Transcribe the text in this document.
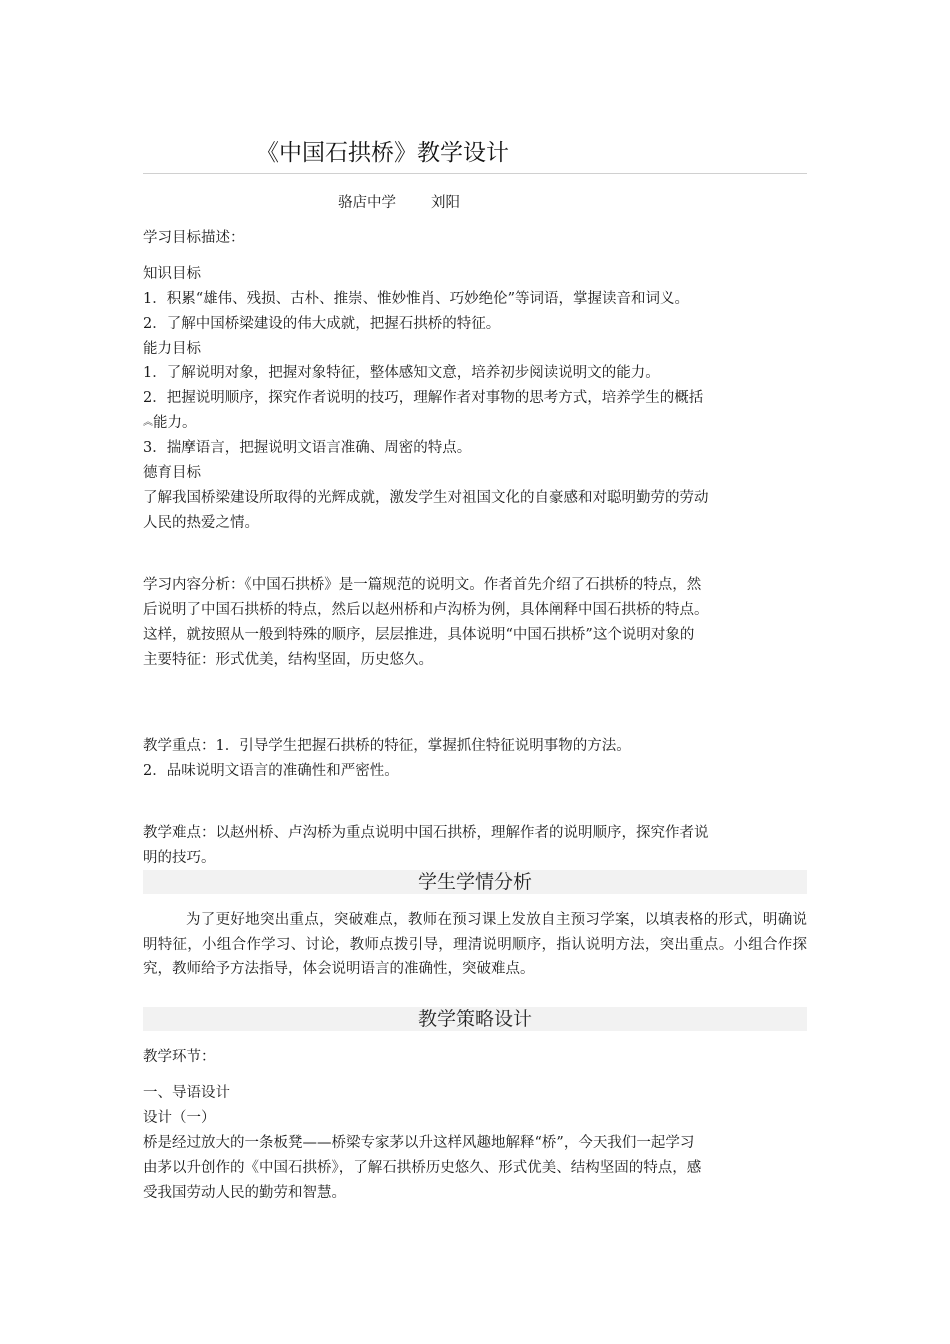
《中国石拱桥》教学设计
骆店中学 刘阳
学习目标描述：
知识目标
1．积累“雄伟、残损、古朴、推崇、惟妙惟肖、巧妙绝伦”等词语，掌握读音和词义。
2．了解中国桥梁建设的伟大成就，把握石拱桥的特征。
能力目标
1．了解说明对象，把握对象特征，整体感知文意，培养初步阅读说明文的能力。
2．把握说明顺序，探究作者说明的技巧，理解作者对事物的思考方式，培养学生的概括
︽能力。
3．揣摩语言，把握说明文语言准确、周密的特点。
德育目标
了解我国桥梁建设所取得的光辉成就，激发学生对祖国文化的自豪感和对聪明勤劳的劳动
人民的热爱之情。
学习内容分析：《中国石拱桥》是一篇规范的说明文。作者首先介绍了石拱桥的特点，然
后说明了中国石拱桥的特点，然后以赵州桥和卢沟桥为例，具体阐释中国石拱桥的特点。
这样，就按照从一般到特殊的顺序，层层推进，具体说明“中国石拱桥”这个说明对象的
主要特征：形式优美，结构坚固，历史悠久。
教学重点：1．引导学生把握石拱桥的特征，掌握抓住特征说明事物的方法。
2．品味说明文语言的准确性和严密性。
教学难点：以赵州桥、卢沟桥为重点说明中国石拱桥，理解作者的说明顺序，探究作者说
明的技巧。
学生学情分析

为了更好地突出重点，突破难点，教师在预习课上发放自主预习学案，以填表格的形式，明确说明特征，小组合作学习、讨论，教师点拨引导，理清说明顺序，指认说明方法，突出重点。小组合作探究，教师给予方法指导，体会说明语言的准确性，突破难点。

教学策略设计
教学环节：
一、导语设计
设计（一）
桥是经过放大的一条板凳——桥梁专家茅以升这样风趣地解释“桥”，今天我们一起学习
由茅以升创作的《中国石拱桥》，了解石拱桥历史悠久、形式优美、结构坚固的特点，感
受我国劳动人民的勤劳和智慧。
